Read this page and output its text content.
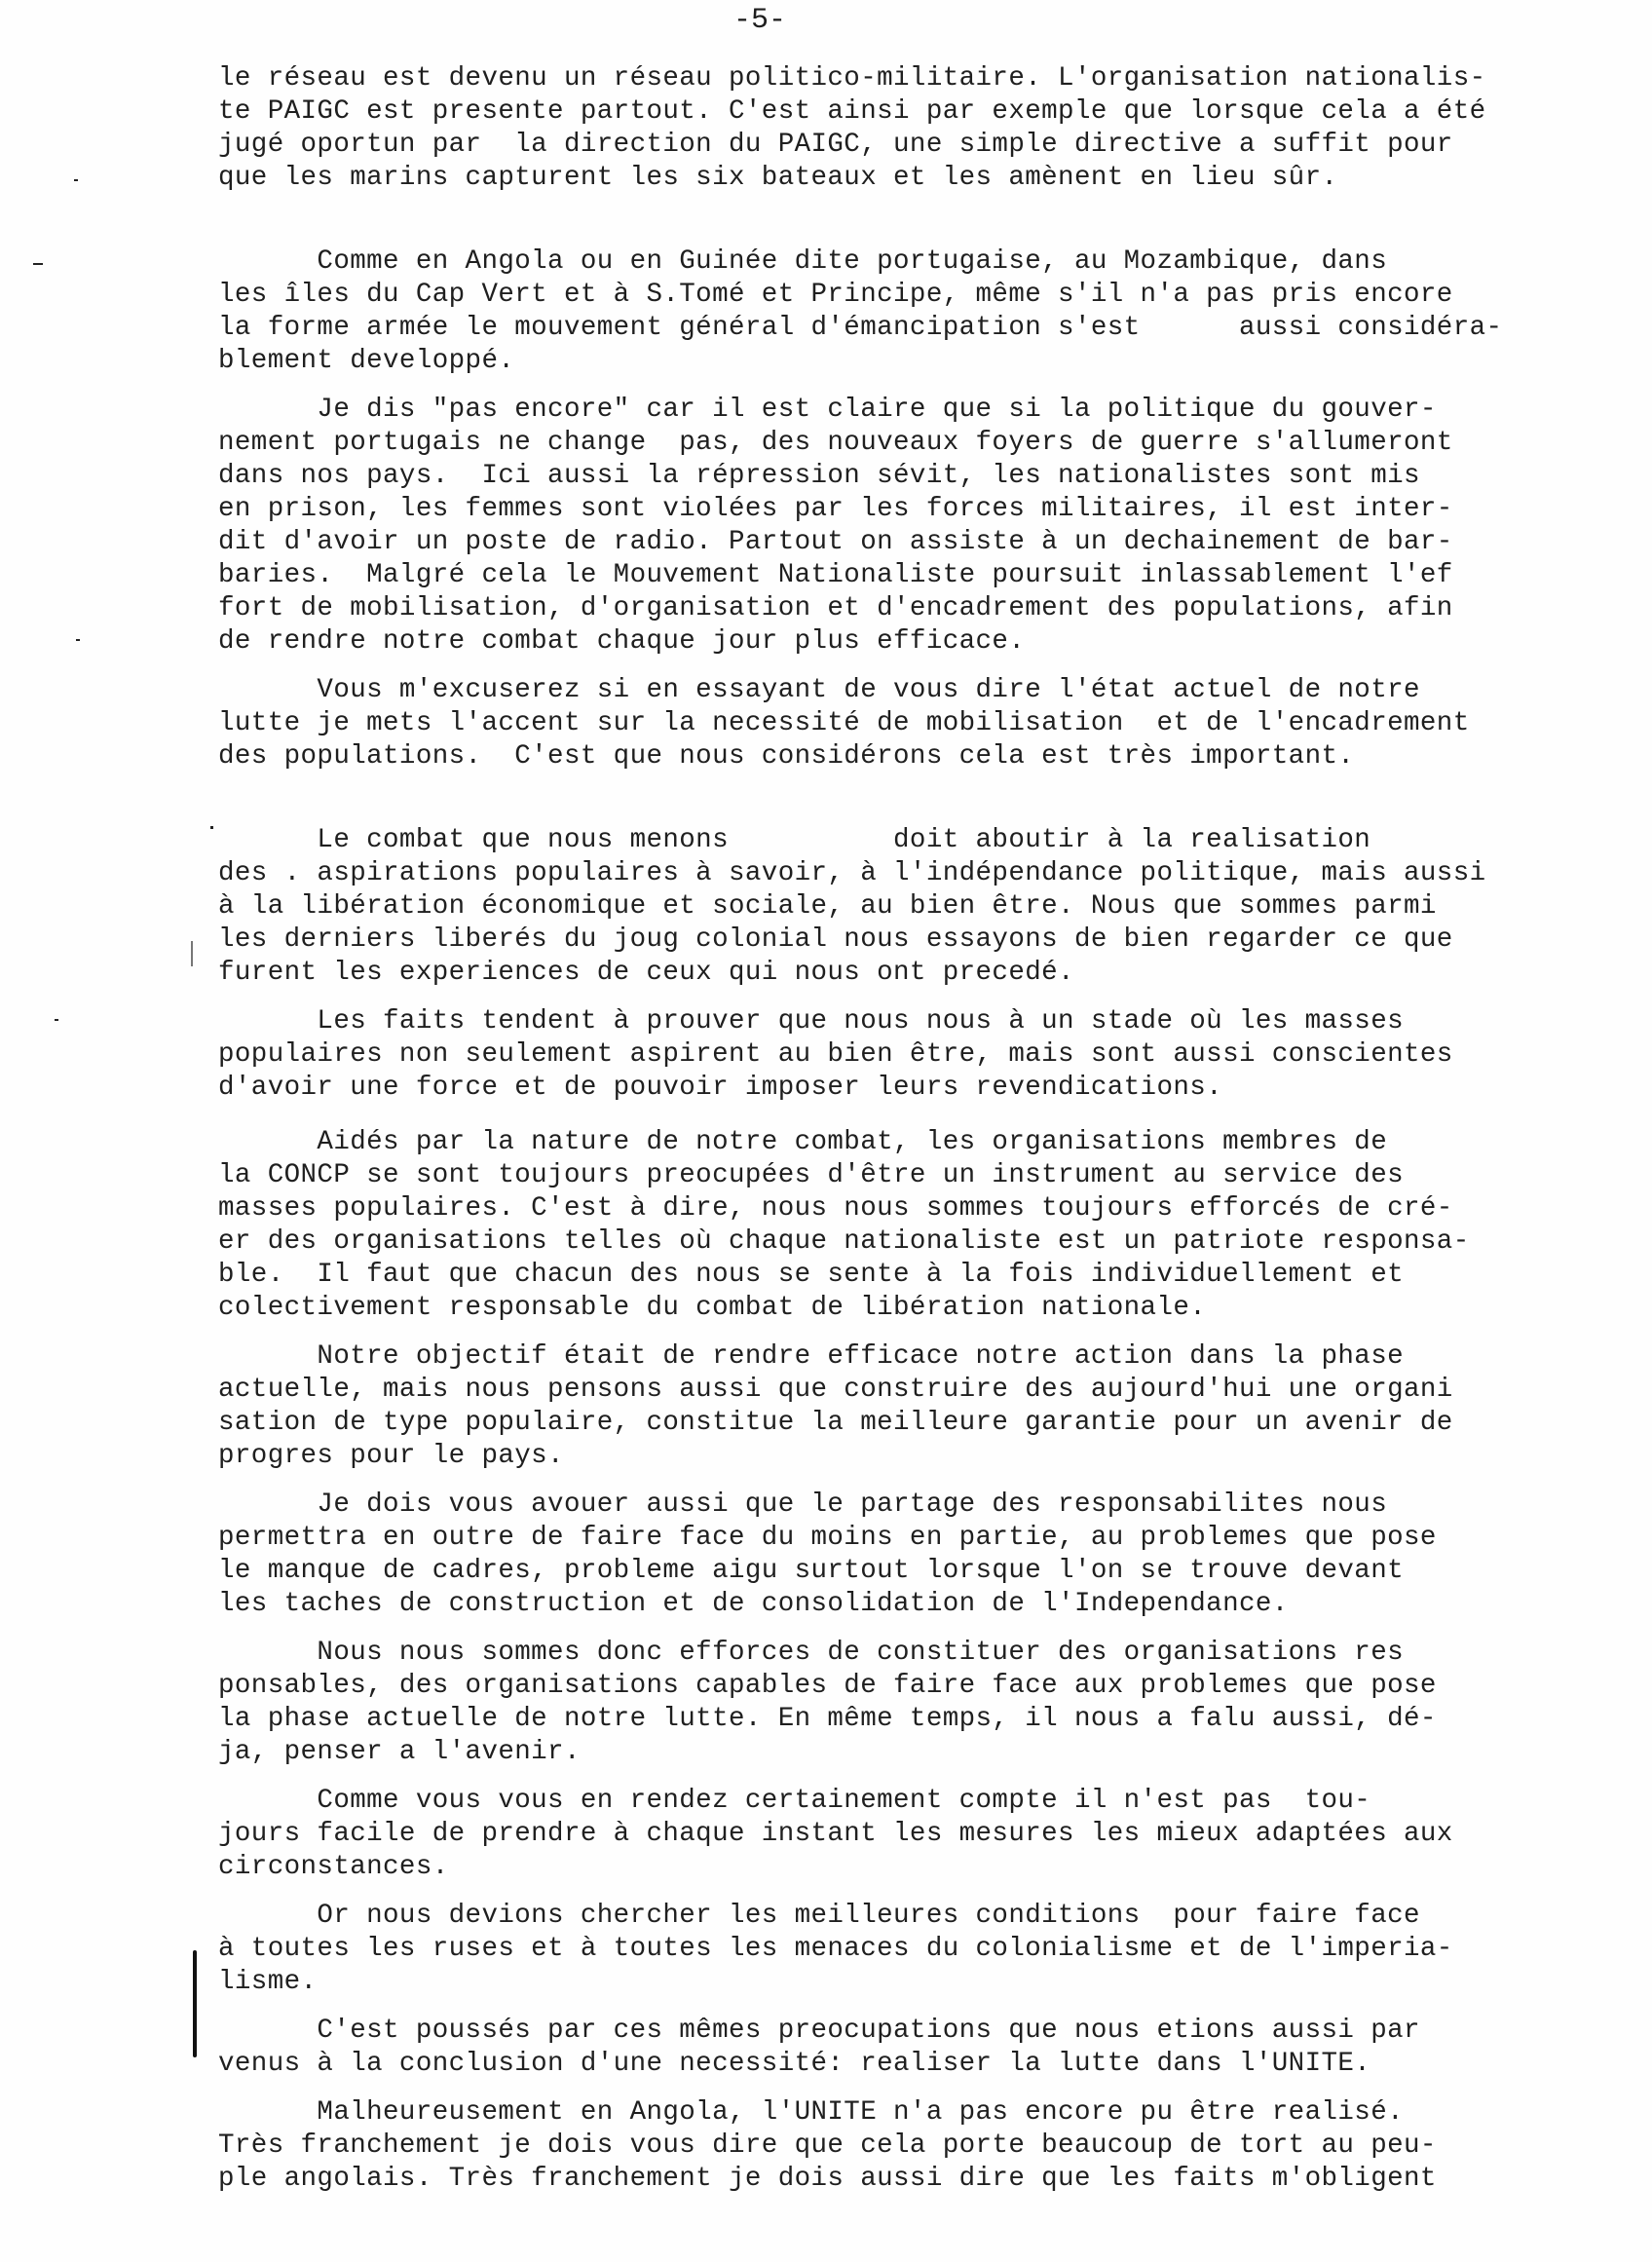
-5-
le réseau est devenu un réseau politico-militaire. L'organisation nationalis-
te PAIGC est presente partout. C'est ainsi par exemple que lorsque cela a été
jugé oportun par  la direction du PAIGC, une simple directive a suffit pour
que les marins capturent les six bateaux et les amènent en lieu sûr.
Comme en Angola ou en Guinée dite portugaise, au Mozambique, dans
les îles du Cap Vert et à S.Tomé et Principe, même s'il n'a pas pris encore
la forme armée le mouvement général d'émancipation s'est      aussi considéra-
blement developpé.
Je dis "pas encore" car il est claire que si la politique du gouver-
nement portugais ne change  pas, des nouveaux foyers de guerre s'allumeront
dans nos pays.  Ici aussi la répression sévit, les nationalistes sont mis
en prison, les femmes sont violées par les forces militaires, il est inter-
dit d'avoir un poste de radio. Partout on assiste à un dechainement de bar-
baries.  Malgré cela le Mouvement Nationaliste poursuit inlassablement l'ef
fort de mobilisation, d'organisation et d'encadrement des populations, afin
de rendre notre combat chaque jour plus efficace.
Vous m'excuserez si en essayant de vous dire l'état actuel de notre
lutte je mets l'accent sur la necessité de mobilisation  et de l'encadrement
des populations.  C'est que nous considérons cela est très important.
Le combat que nous menons          doit aboutir à la realisation
des . aspirations populaires à savoir, à l'indépendance politique, mais aussi
à la libération économique et sociale, au bien être. Nous que sommes parmi
les derniers liberés du joug colonial nous essayons de bien regarder ce que
furent les experiences de ceux qui nous ont precedé.
Les faits tendent à prouver que nous nous à un stade où les masses
populaires non seulement aspirent au bien être, mais sont aussi conscientes
d'avoir une force et de pouvoir imposer leurs revendications.
Aidés par la nature de notre combat, les organisations membres de
la CONCP se sont toujours preocupées d'être un instrument au service des
masses populaires. C'est à dire, nous nous sommes toujours efforcés de cré-
er des organisations telles où chaque nationaliste est un patriote responsa-
ble.  Il faut que chacun des nous se sente à la fois individuellement et
colectivement responsable du combat de libération nationale.
Notre objectif était de rendre efficace notre action dans la phase
actuelle, mais nous pensons aussi que construire des aujourd'hui une organi
sation de type populaire, constitue la meilleure garantie pour un avenir de
progres pour le pays.
Je dois vous avouer aussi que le partage des responsabilites nous
permettra en outre de faire face du moins en partie, au problemes que pose
le manque de cadres, probleme aigu surtout lorsque l'on se trouve devant
les taches de construction et de consolidation de l'Independance.
Nous nous sommes donc efforces de constituer des organisations res
ponsables, des organisations capables de faire face aux problemes que pose
la phase actuelle de notre lutte. En même temps, il nous a falu aussi, dé-
ja, penser a l'avenir.
Comme vous vous en rendez certainement compte il n'est pas  tou-
jours facile de prendre à chaque instant les mesures les mieux adaptées aux
circonstances.
Or nous devions chercher les meilleures conditions  pour faire face
à toutes les ruses et à toutes les menaces du colonialisme et de l'imperia-
lisme.
C'est poussés par ces mêmes preocupations que nous etions aussi par
venus à la conclusion d'une necessité: realiser la lutte dans l'UNITE.
Malheureusement en Angola, l'UNITE n'a pas encore pu être realisé.
Très franchement je dois vous dire que cela porte beaucoup de tort au peu-
ple angolais. Très franchement je dois aussi dire que les faits m'obligent
